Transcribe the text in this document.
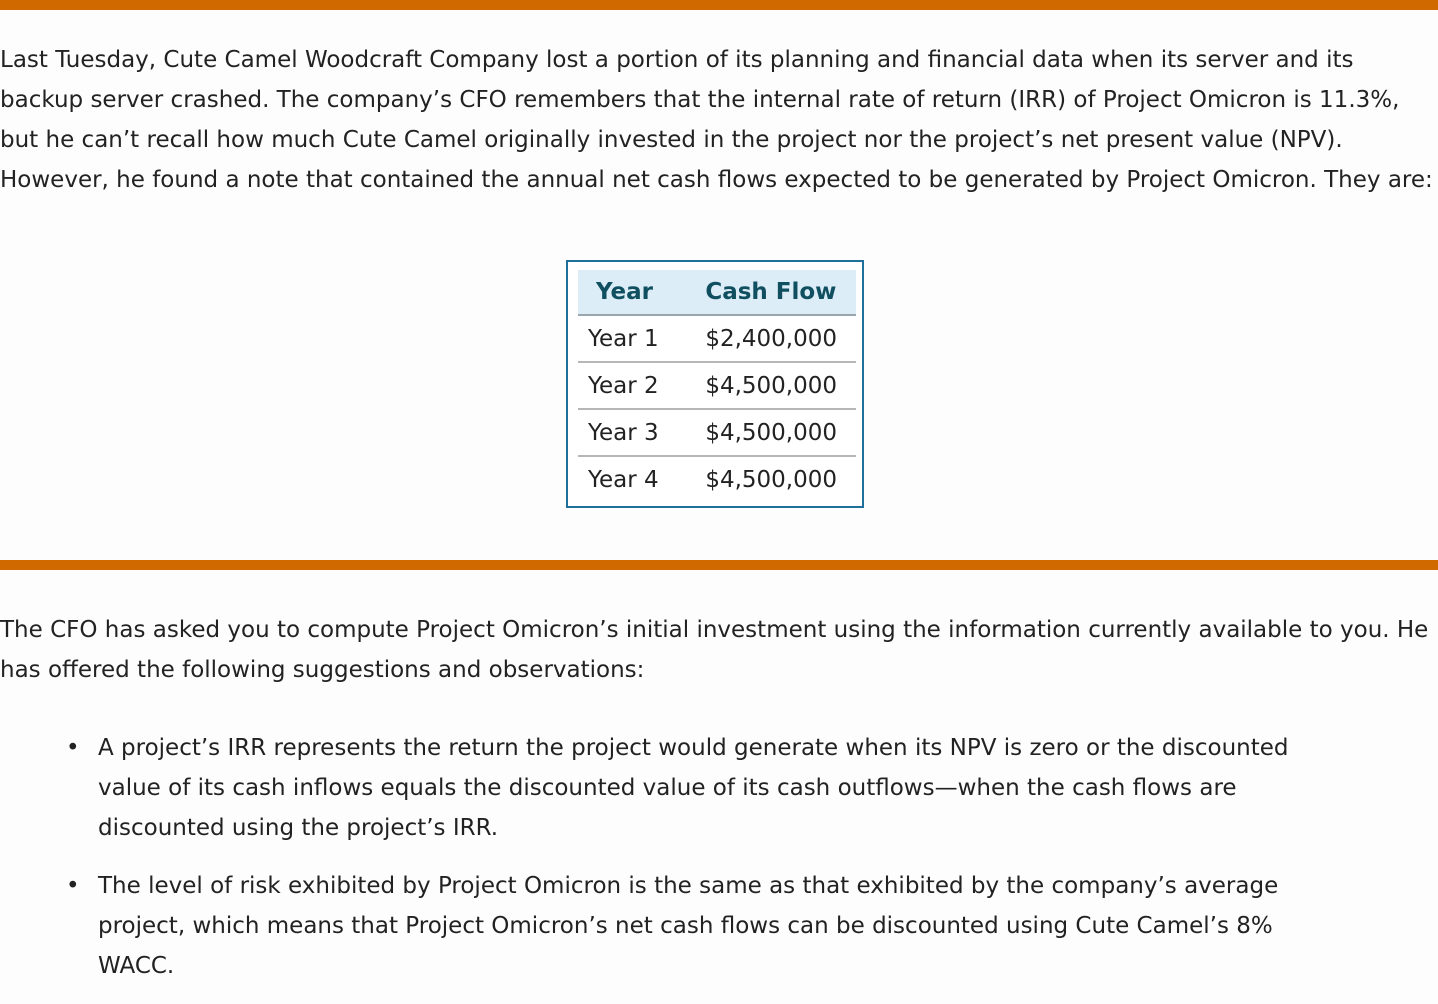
Last Tuesday, Cute Camel Woodcraft Company lost a portion of its planning and financial data when its server and its backup server crashed. The company’s CFO remembers that the internal rate of return (IRR) of Project Omicron is 11.3%, but he can’t recall how much Cute Camel originally invested in the project nor the project’s net present value (NPV). However, he found a note that contained the annual net cash flows expected to be generated by Project Omicron. They are:

Year	Cash Flow
Year 1	$2,400,000
Year 2	$4,500,000
Year 3	$4,500,000
Year 4	$4,500,000

The CFO has asked you to compute Project Omicron’s initial investment using the information currently available to you. He has offered the following suggestions and observations:

• A project’s IRR represents the return the project would generate when its NPV is zero or the discounted value of its cash inflows equals the discounted value of its cash outflows—when the cash flows are discounted using the project’s IRR.
• The level of risk exhibited by Project Omicron is the same as that exhibited by the company’s average project, which means that Project Omicron’s net cash flows can be discounted using Cute Camel’s 8% WACC.
